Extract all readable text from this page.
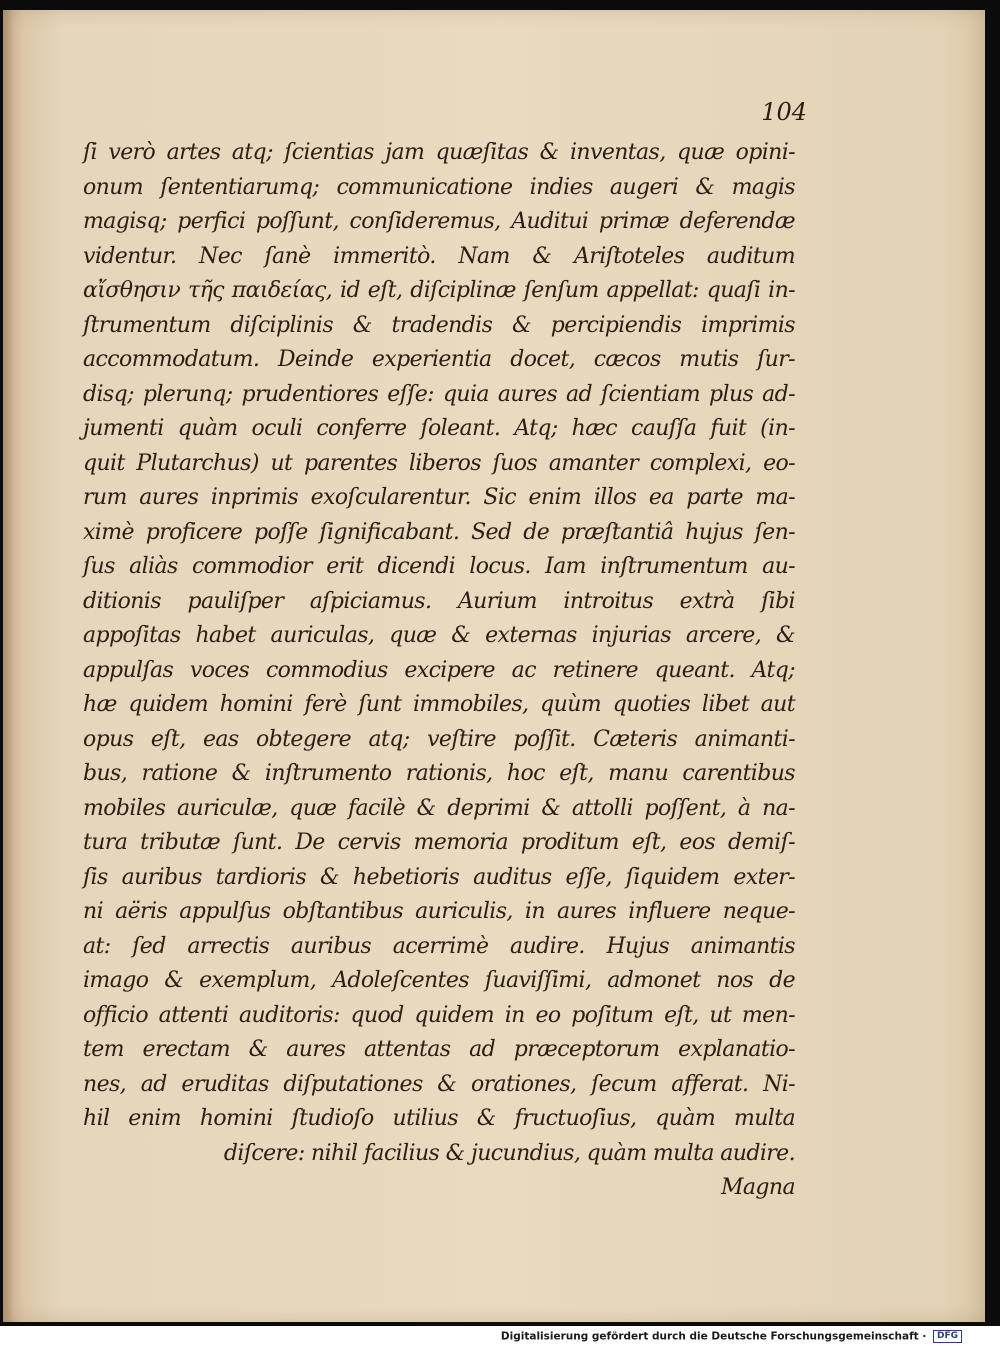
104
ſi verò artes atq; ſcientias jam quæſitas & inventas, quæ opini-
onum ſententiarumq; communicatione indies augeri & magis
magisq; perfici poſſunt, conſideremus, Auditui primæ deferendæ
videntur. Nec ſanè immeritò. Nam & Ariſtoteles auditum
αἴσθησιν τῆς παιδείας, id eſt, diſciplinæ ſenſum appellat: quaſi in-
ſtrumentum diſciplinis & tradendis & percipiendis imprimis
accommodatum. Deinde experientia docet, cæcos mutis ſur-
disq; plerunq; prudentiores eſſe: quia aures ad ſcientiam plus ad-
jumenti quàm oculi conferre ſoleant. Atq; hæc cauſſa fuit (in-
quit Plutarchus) ut parentes liberos ſuos amanter complexi, eo-
rum aures inprimis exoſcularentur. Sic enim illos ea parte ma-
ximè proficere poſſe ſignificabant. Sed de præſtantiâ hujus ſen-
ſus aliàs commodior erit dicendi locus. Iam inſtrumentum au-
ditionis pauliſper aſpiciamus. Aurium introitus extrà ſibi
appoſitas habet auriculas, quæ & externas injurias arcere, &
appulſas voces commodius excipere ac retinere queant. Atq;
hæ quidem homini ferè ſunt immobiles, quùm quoties libet aut
opus eſt, eas obtegere atq; veſtire poſſit. Cæteris animanti-
bus, ratione & inſtrumento rationis, hoc eſt, manu carentibus
mobiles auriculæ, quæ facilè & deprimi & attolli poſſent, à na-
tura tributæ ſunt. De cervis memoria proditum eſt, eos demiſ-
ſis auribus tardioris & hebetioris auditus eſſe, ſiquidem exter-
ni aëris appulſus obſtantibus auriculis, in aures influere neque-
at: ſed arrectis auribus acerrimè audire. Hujus animantis
imago & exemplum, Adoleſcentes ſuaviſſimi, admonet nos de
officio attenti auditoris: quod quidem in eo poſitum eſt, ut men-
tem erectam & aures attentas ad præceptorum explanatio-
nes, ad eruditas diſputationes & orationes, ſecum afferat. Ni-
hil enim homini ſtudioſo utilius & fructuoſius, quàm multa
diſcere: nihil facilius & jucundius, quàm multa audire.
Magna
Digitalisierung gefördert durch die Deutsche Forschungsgemeinschaft · DFG
